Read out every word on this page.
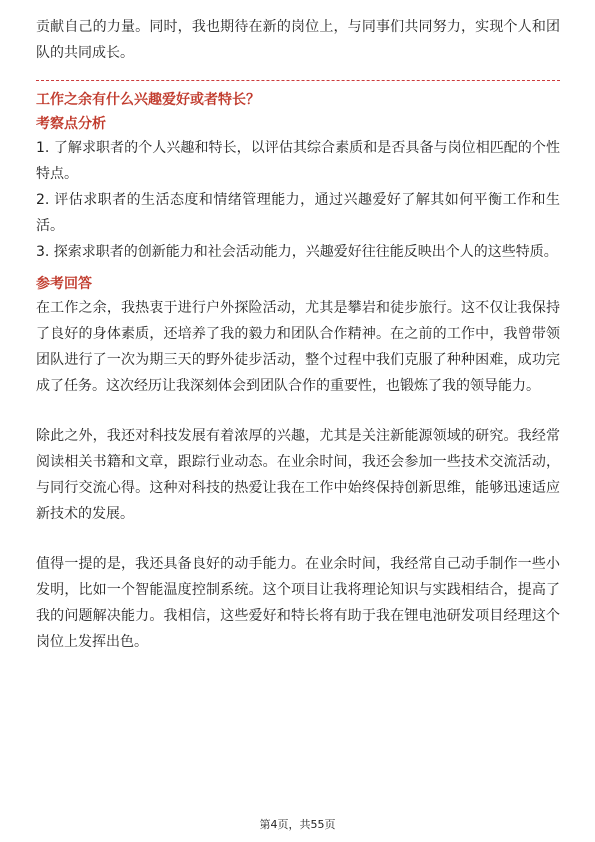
贡献自己的力量。同时，我也期待在新的岗位上，与同事们共同努力，实现个人和团队的共同成长。

工作之余有什么兴趣爱好或者特长？

考察点分析

1. 了解求职者的个人兴趣和特长，以评估其综合素质和是否具备与岗位相匹配的个性特点。

2. 评估求职者的生活态度和情绪管理能力，通过兴趣爱好了解其如何平衡工作和生活。

3. 探索求职者的创新能力和社会活动能力，兴趣爱好往往能反映出个人的这些特质。

参考回答

在工作之余，我热衷于进行户外探险活动，尤其是攀岩和徒步旅行。这不仅让我保持了良好的身体素质，还培养了我的毅力和团队合作精神。在之前的工作中，我曾带领团队进行了一次为期三天的野外徒步活动，整个过程中我们克服了种种困难，成功完成了任务。这次经历让我深刻体会到团队合作的重要性，也锻炼了我的领导能力。

除此之外，我还对科技发展有着浓厚的兴趣，尤其是关注新能源领域的研究。我经常阅读相关书籍和文章，跟踪行业动态。在业余时间，我还会参加一些技术交流活动，与同行交流心得。这种对科技的热爱让我在工作中始终保持创新思维，能够迅速适应新技术的发展。

值得一提的是，我还具备良好的动手能力。在业余时间，我经常自己动手制作一些小发明，比如一个智能温度控制系统。这个项目让我将理论知识与实践相结合，提高了我的问题解决能力。我相信，这些爱好和特长将有助于我在锂电池研发项目经理这个岗位上发挥出色。

第4页，共55页
